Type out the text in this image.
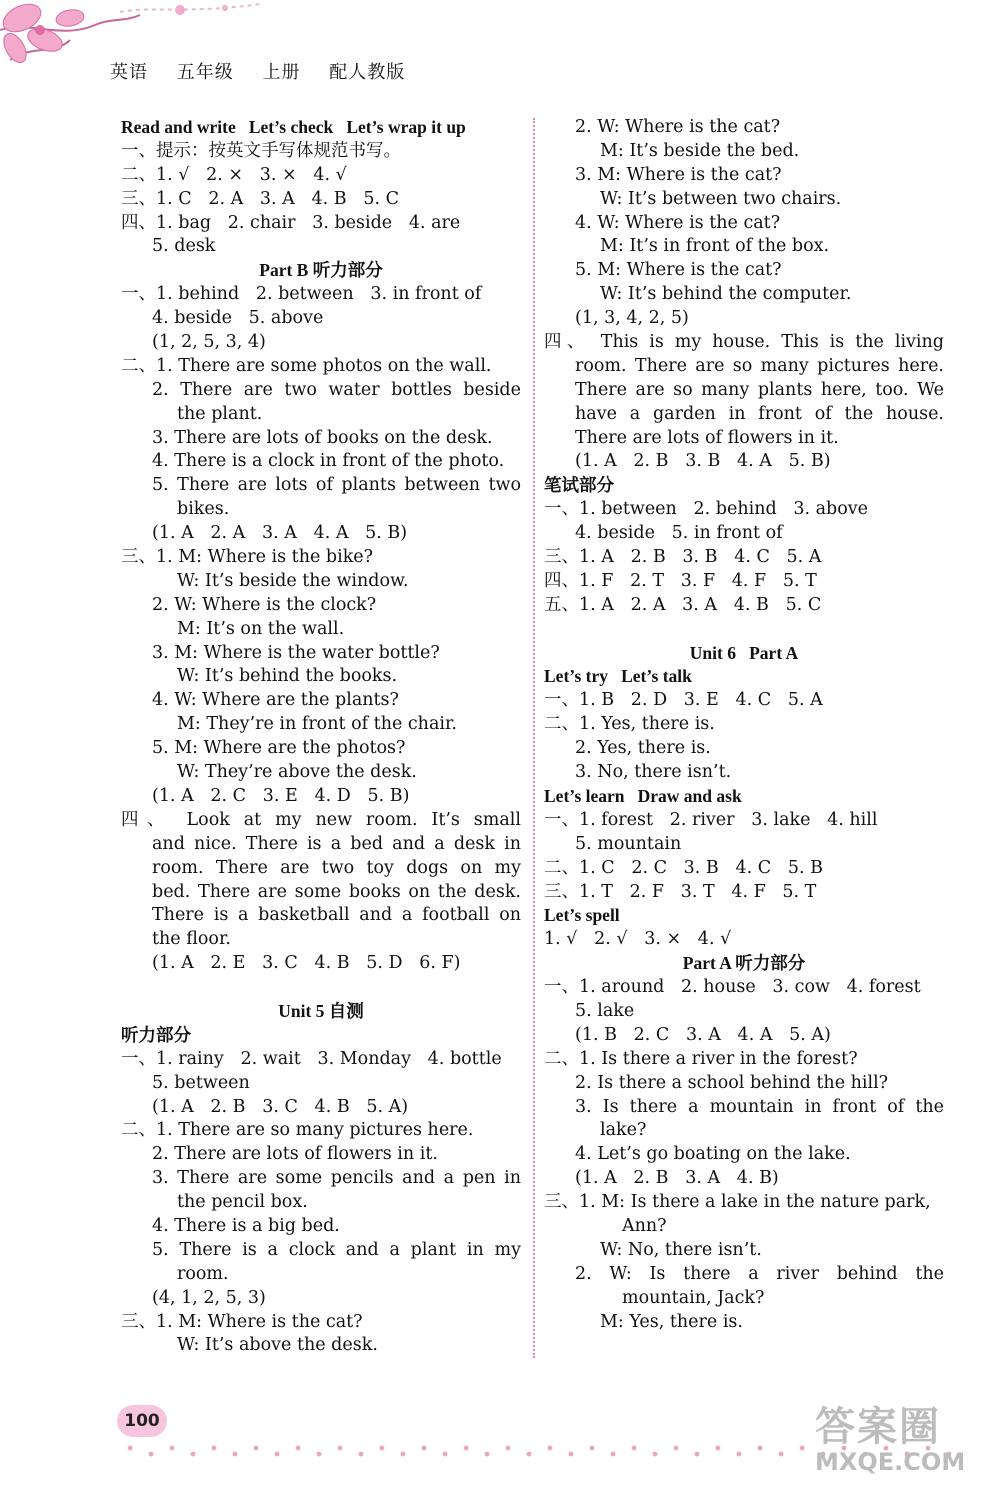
英语 五年级 上册 配人教版
Read and write   Let’s check   Let’s wrap it up
一、提示：按英文手写体规范书写。
二、1. √   2. ×   3. ×   4. √
三、1. C   2. A   3. A   4. B   5. C
四、1. bag   2. chair   3. beside   4. are
5. desk
Part B 听力部分
一、1. behind   2. between   3. in front of
4. beside   5. above
(1, 2, 5, 3, 4)
二、1. There are some photos on the wall.
2. There are two water bottles beside
the plant.
3. There are lots of books on the desk.
4. There is a clock in front of the photo.
5. There are lots of plants between two
bikes.
(1. A   2. A   3. A   4. A   5. B)
三、1. M: Where is the bike?
W: It’s beside the window.
2. W: Where is the clock?
M: It’s on the wall.
3. M: Where is the water bottle?
W: It’s behind the books.
4. W: Where are the plants?
M: They’re in front of the chair.
5. M: Where are the photos?
W: They’re above the desk.
(1. A   2. C   3. E   4. D   5. B)
四、 Look at my new room. It’s small
and nice. There is a bed and a desk in
room. There are two toy dogs on my
bed. There are some books on the desk.
There is a basketball and a football on
the floor.
(1. A   2. E   3. C   4. B   5. D   6. F)
Unit 5 自测
听力部分
一、1. rainy   2. wait   3. Monday   4. bottle
5. between
(1. A   2. B   3. C   4. B   5. A)
二、1. There are so many pictures here.
2. There are lots of flowers in it.
3. There are some pencils and a pen in
the pencil box.
4. There is a big bed.
5. There is a clock and a plant in my
room.
(4, 1, 2, 5, 3)
三、1. M: Where is the cat?
W: It’s above the desk.
2. W: Where is the cat?
M: It’s beside the bed.
3. M: Where is the cat?
W: It’s between two chairs.
4. W: Where is the cat?
M: It’s in front of the box.
5. M: Where is the cat?
W: It’s behind the computer.
(1, 3, 4, 2, 5)
四、 This is my house. This is the living
room. There are so many pictures here.
There are so many plants here, too. We
have a garden in front of the house.
There are lots of flowers in it.
(1. A   2. B   3. B   4. A   5. B)
笔试部分
一、1. between   2. behind   3. above
4. beside   5. in front of
三、1. A   2. B   3. B   4. C   5. A
四、1. F   2. T   3. F   4. F   5. T
五、1. A   2. A   3. A   4. B   5. C
Unit 6   Part A
Let’s try   Let’s talk
一、1. B   2. D   3. E   4. C   5. A
二、1. Yes, there is.
2. Yes, there is.
3. No, there isn’t.
Let’s learn   Draw and ask
一、1. forest   2. river   3. lake   4. hill
5. mountain
二、1. C   2. C   3. B   4. C   5. B
三、1. T   2. F   3. T   4. F   5. T
Let’s spell
1. √   2. √   3. ×   4. √
Part A 听力部分
一、1. around   2. house   3. cow   4. forest
5. lake
(1. B   2. C   3. A   4. A   5. A)
二、1. Is there a river in the forest?
2. Is there a school behind the hill?
3. Is there a mountain in front of the
lake?
4. Let’s go boating on the lake.
(1. A   2. B   3. A   4. B)
三、1. M: Is there a lake in the nature park,
Ann?
W: No, there isn’t.
2. W: Is there a river behind the
mountain, Jack?
M: Yes, there is.
100	答案圈
MXQE.COM
